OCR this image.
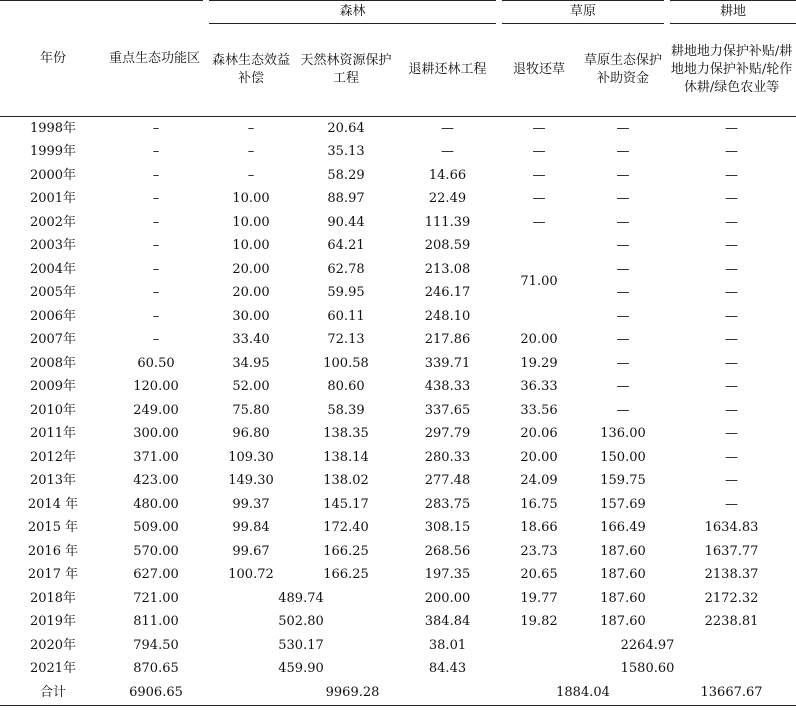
年份	重点生态功能区	森林			草原		耕地
		森林生态效益补偿	天然林资源保护工程	退耕还林工程	退牧还草	草原生态保护补助资金	耕地地力保护补贴/耕地地力保护补贴/轮作休耕/绿色农业等
1998年	–	–	20.64	—	—	—	—
1999年	–	–	35.13	—	—	—	—
2000年	–	–	58.29	14.66	—	—	—
2001年	–	10.00	88.97	22.49	—	—	—
2002年	–	10.00	90.44	111.39	—	—	—
2003年	–	10.00	64.21	208.59	71.00	—	—
2004年	–	20.00	62.78	213.08		—	—
2005年	–	20.00	59.95	246.17		—	—
2006年	–	30.00	60.11	248.10		—	—
2007年	–	33.40	72.13	217.86	20.00	—	—
2008年	60.50	34.95	100.58	339.71	19.29	—	—
2009年	120.00	52.00	80.60	438.33	36.33	—	—
2010年	249.00	75.80	58.39	337.65	33.56	—	—
2011年	300.00	96.80	138.35	297.79	20.06	136.00	—
2012年	371.00	109.30	138.14	280.33	20.00	150.00	—
2013年	423.00	149.30	138.02	277.48	24.09	159.75	—
2014 年	480.00	99.37	145.17	283.75	16.75	157.69	—
2015 年	509.00	99.84	172.40	308.15	18.66	166.49	1634.83
2016 年	570.00	99.67	166.25	268.56	23.73	187.60	1637.77
2017 年	627.00	100.72	166.25	197.35	20.65	187.60	2138.37
2018年	721.00	489.74		200.00	19.77	187.60	2172.32
2019年	811.00	502.80		384.84	19.82	187.60	2238.81
2020年	794.50	530.17		38.01	2264.97		
2021年	870.65	459.90		84.43	1580.60		
合计	6906.65	9969.28			1884.04		13667.67
